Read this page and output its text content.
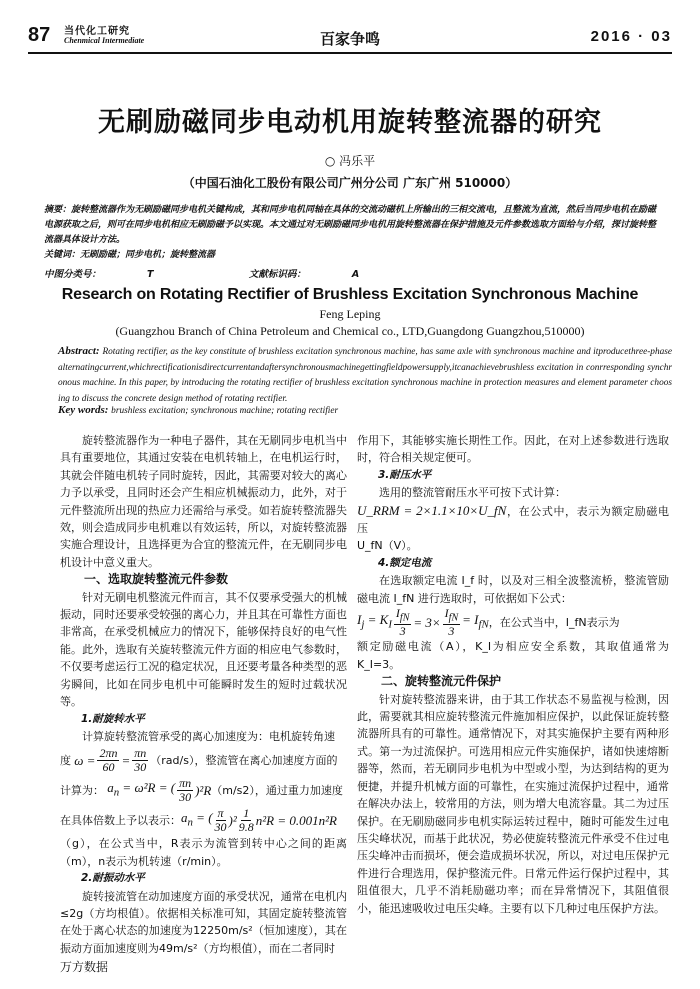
87 当代化工研究
Chenmical Intermediate	百家争鸣	2016 · 03
无刷励磁同步电动机用旋转整流器的研究
○ 冯乐平
（中国石油化工股份有限公司广州分公司 广东广州 510000）
摘要：旋转整流器作为无刷励磁同步电机关键构成，其和同步电机同轴在具体的交流动磁机上所输出的三相交流电，且整流为直流，然后当同步电机在励磁电源获取之后，则可在同步电机相应无刷励磁予以实现。本文通过对无刷励磁同步电机用旋转整流器在保护措施及元件参数选取方面给与介绍，探讨旋转整流器具体设计方法。
关键词：无刷励磁；同步电机；旋转整流器
中图分类号：	T	文献标识码：	A
Research on Rotating Rectifier of Brushless Excitation Synchronous Machine
Feng Leping
(Guangzhou Branch of China Petroleum and Chemical co., LTD,Guangdong Guangzhou,510000)
Abstract: Rotating rectifier, as the key constitute of brushless excitation synchronous machine, has same axle with synchronous machine and itproducethree-phasealternatingcurrent,whichrectificationisdirectcurrentandaftersynchronousmachinegettingfieldpowersupply,itcanachievebrushless excitation in conrresponding synchronous machine. In this paper, by introducing the rotating rectifier of brushless excitation synchronous machine in protection measures and element parameter choosing to discuss the concrete design method of rotating rectifier.
Key words: brushless excitation; synchronous machine; rotating rectifier

旋转整流器作为一种电子器件，其在无刷同步电机当中具有重要地位，其通过安装在电机转轴上，在电机运行时，其就会伴随电机转子同时旋转，因此，其需要对较大的离心力予以承受，且同时还会产生相应机械振动力，此外，对于元件整流所出现的热应力还需给与承受。如若旋转整流器失效，则会造成同步电机难以有效运转，所以，对旋转整流器实施合理设计，且选择更为合宜的整流元件，在无刷同步电机设计中意义重大。

一、选取旋转整流元件参数

针对无刷电机整流元件而言，其不仅要承受强大的机械振动，同时还要承受较强的离心力，并且其在可靠性方面也非常高，在承受机械应力的情况下，能够保持良好的电气性能。此外，选取有关旋转整流元件方面的相应电气参数时，不仅要考虑运行工况的稳定状况，且还要考量各种类型的恶劣瞬间，比如在同步电机中可能瞬时发生的短时过载状况等。

1.耐旋转水平

计算旋转整流管承受的离心加速度为：电机旋转角速

度 $\omega = \frac{2\pi n}{60} = \frac{\pi n}{30} (rad/s)$，整流管在离心加速度方面的
计算为： $a_n = \omega^2R$ = ( $\frac{\pi n}{30} )^2R$ （m/s2），通过重力加速度
在具体倍数上予以表示： $a_n$ = ( $\frac{\pi}{30} )^2 \frac{1}{9.8} n^2R = 0.001n^2R$

（g），在公式当中，R表示为流管到转中心之间的距离（m），n表示为机转速（r/min）。

2.耐振动水平

旋转接流管在动加速度方面的承受状况，通常在电机内≤2g（方均根值）。依据相关标准可知，其固定旋转整流管在处于离心状态的加速度为12250m/s²（恒加速度），其在振动方面加速度则为49m/s²（方均根值），而在二者同时

作用下，其能够实施长期性工作。因此，在对上述参数进行选取时，符合相关规定便可。

3.耐压水平

选用的整流管耐压水平可按下式计算：

U_RRM = 2×1.1×10×U_fN，在公式中，表示为额定励磁电压

U_fN（V）。

4.额定电流

在选取额定电流 I_f 时，以及对三相全波整流桥，整流管励磁电流 I_fN 进行选取时，可依据如下公式：

$I_j = K_I \frac{I_{fN}}{3} = 3\times \frac{I_{fN}}{3} = I_{fN}$ ，在公式当中，I_fN表示为

额定励磁电流（A），K_I为相应安全系数，其取值通常为K_I=3。

二、旋转整流元件保护

针对旋转整流器来讲，由于其工作状态不易监视与检测，因此，需要就其相应旋转整流元件施加相应保护，以此保证旋转整流器所具有的可靠性。通常情况下，对其实施保护主要有两种形式。第一为过流保护。可选用相应元件实施保护，诸如快速熔断器等，然而，若无刷同步电机为中型或小型，为达到结构的更为便捷，并提升机械方面的可靠性，在实施过流保护过程中，通常在解决办法上，较常用的方法，则为增大电流容量。其二为过压保护。在无刷励磁同步电机实际运转过程中，随时可能发生过电压尖峰状况，而基于此状况，势必使旋转整流元件承受不住过电压尖峰冲击而损坏，便会造成损坏状况，所以，对过电压保护元件进行合理选用，保护整流元件。日常元件运行保护过程中，其阻值很大，几乎不消耗励磁功率；而在异常情况下，其阻值很小，能迅速吸收过电压尖峰。主要有以下几种过电压保护方法。

万方数据
